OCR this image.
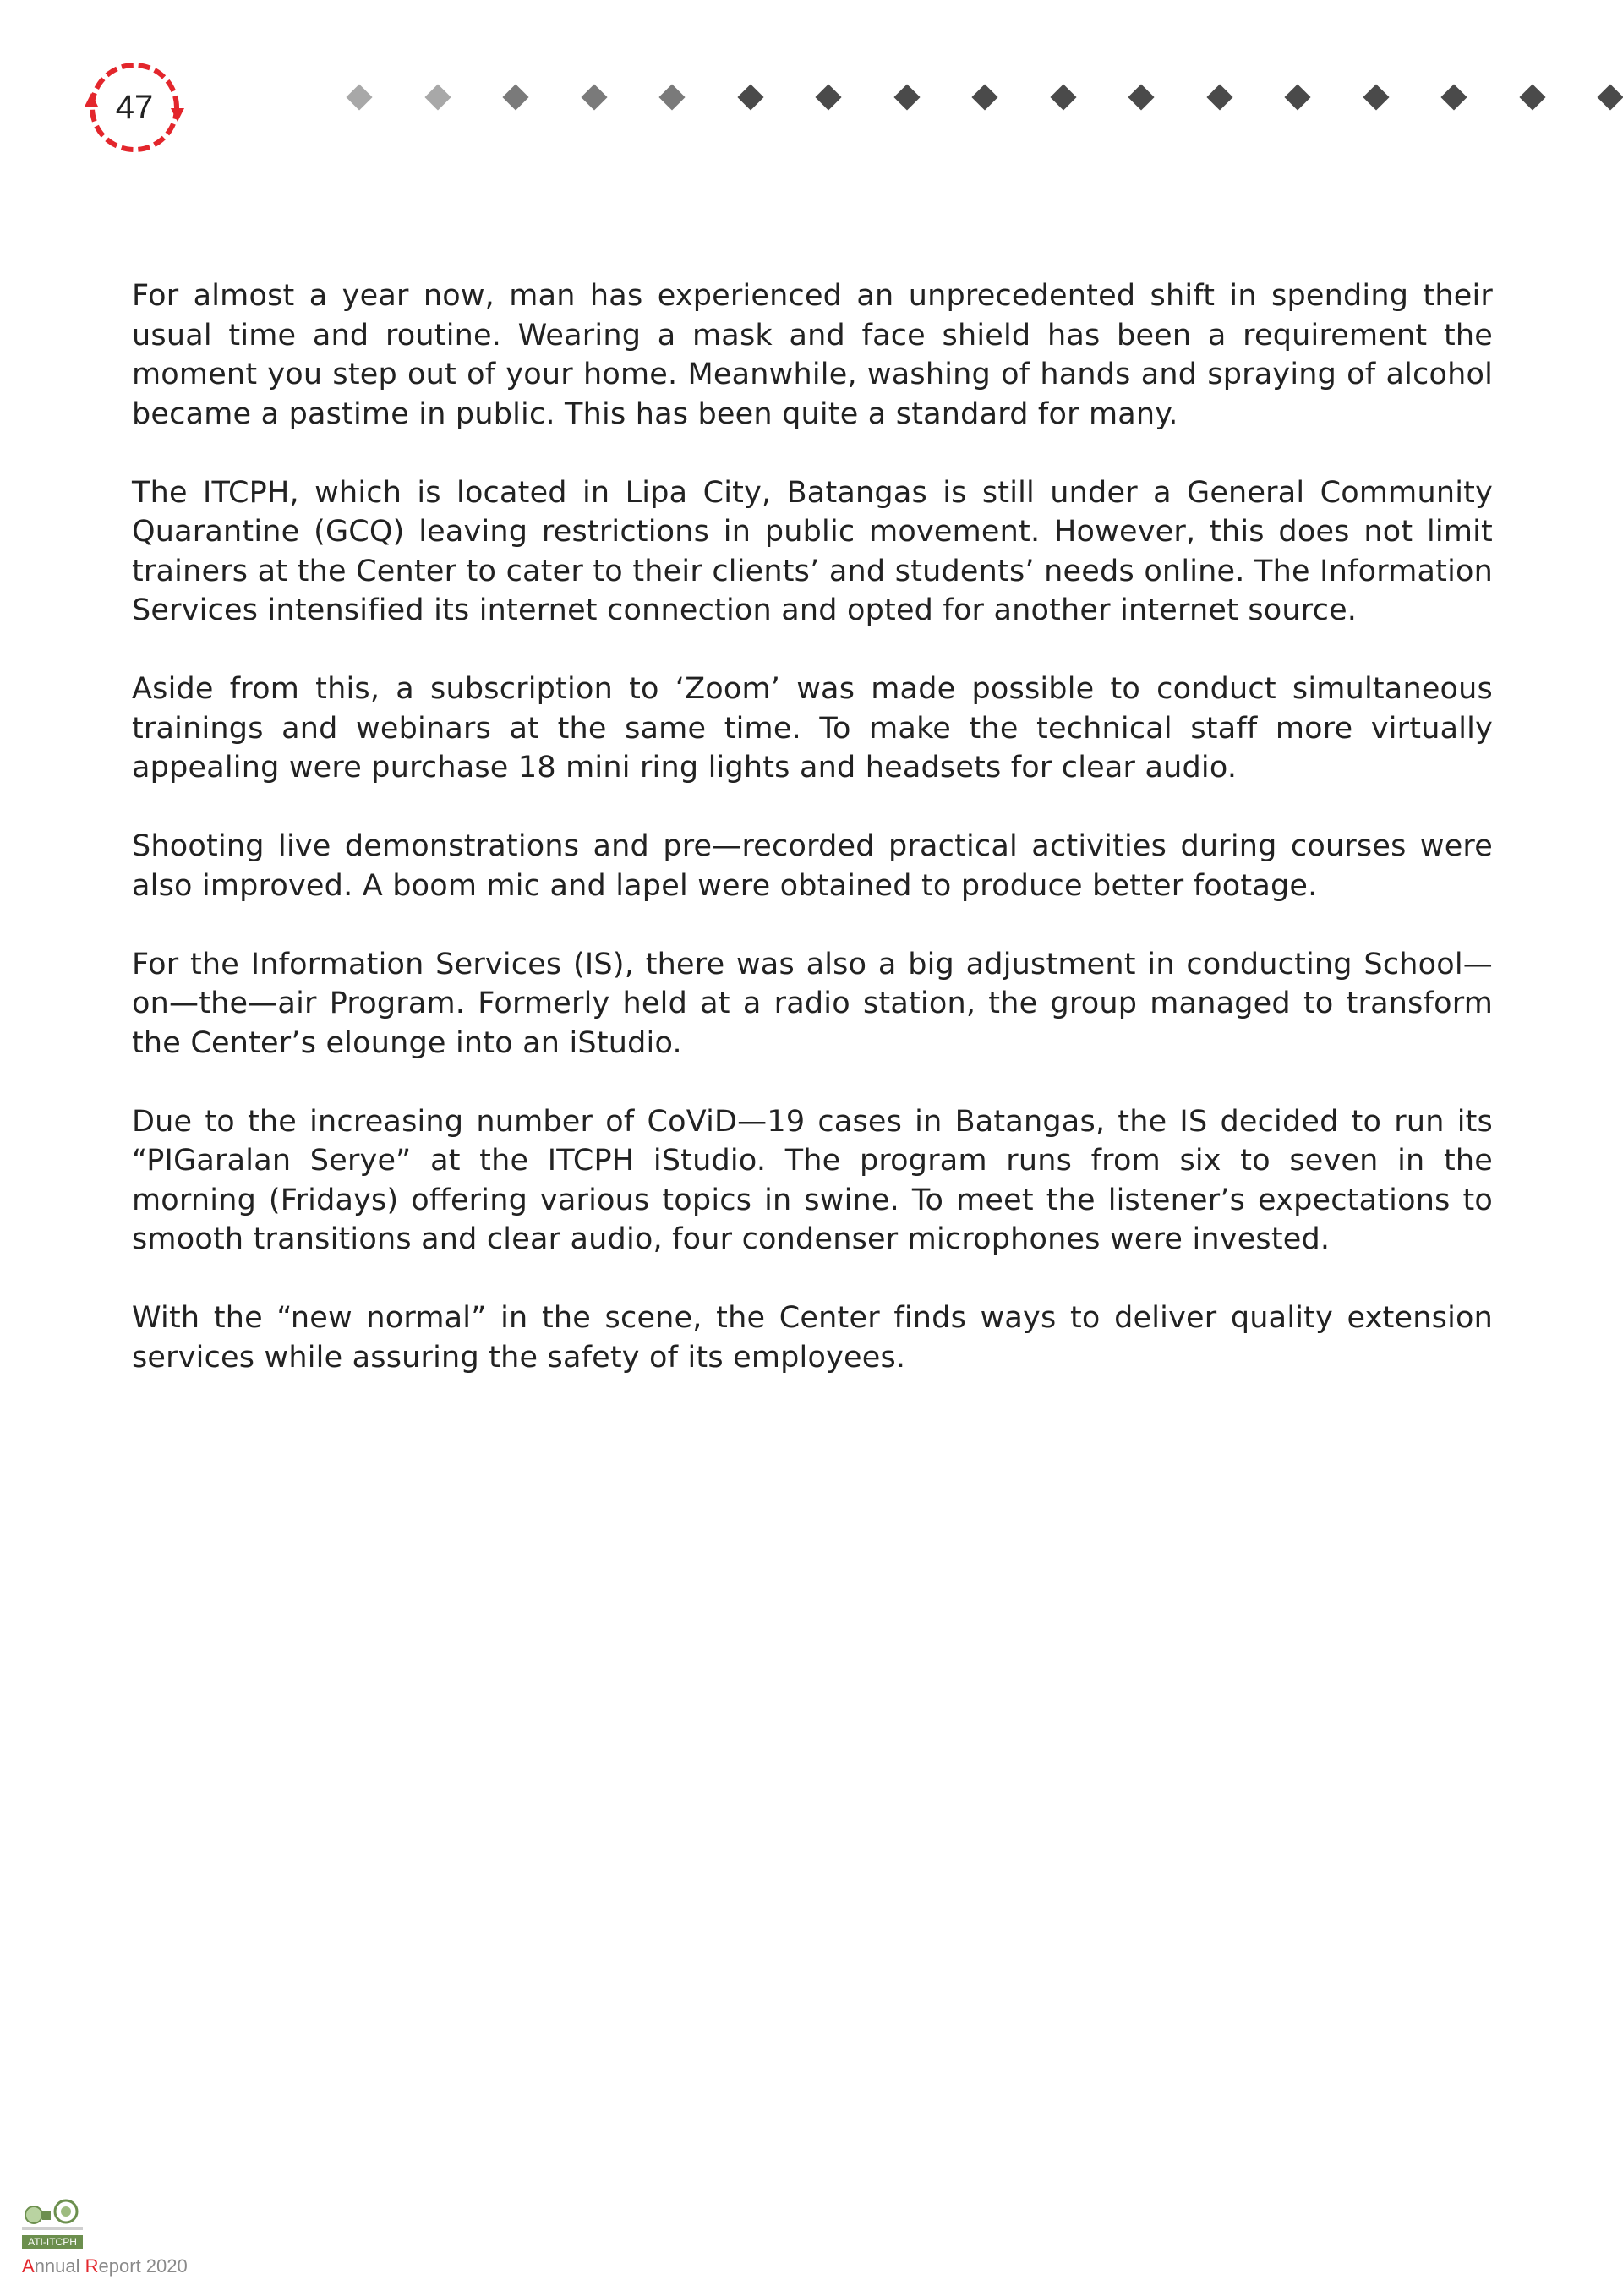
47

For almost a year now, man has experienced an unprecedented shift in spending their usual time and routine. Wearing a mask and face shield has been a requirement the moment you step out of your home. Meanwhile, washing of hands and spraying of alcohol became a pastime in public. This has been quite a standard for many.

The ITCPH, which is located in Lipa City, Batangas is still under a General Community Quarantine (GCQ) leaving restrictions in public movement. However, this does not limit trainers at the Center to cater to their clients’ and students’ needs online. The Information Services intensified its internet connection and opted for another internet source.

Aside from this, a subscription to ‘Zoom’ was made possible to conduct simultaneous trainings and webinars at the same time. To make the technical staff more virtually appealing were purchase 18 mini ring lights and headsets for clear audio.

Shooting live demonstrations and pre—recorded practical activities during courses were also improved. A boom mic and lapel were obtained to produce better footage.

For the Information Services (IS), there was also a big adjustment in conducting School—on—the—air Program. Formerly held at a radio station, the group managed to transform the Center’s elounge into an iStudio.

Due to the increasing number of CoViD—19 cases in Batangas, the IS decided to run its “PIGaralan Serye” at the ITCPH iStudio. The program runs from six to seven in the morning (Fridays) offering various topics in swine. To meet the listener’s expectations to smooth transitions and clear audio, four condenser microphones were invested.

With the “new normal” in the scene, the Center finds ways to deliver quality extension services while assuring the safety of its employees.

ATI-ITCPH
Annual Report 2020
